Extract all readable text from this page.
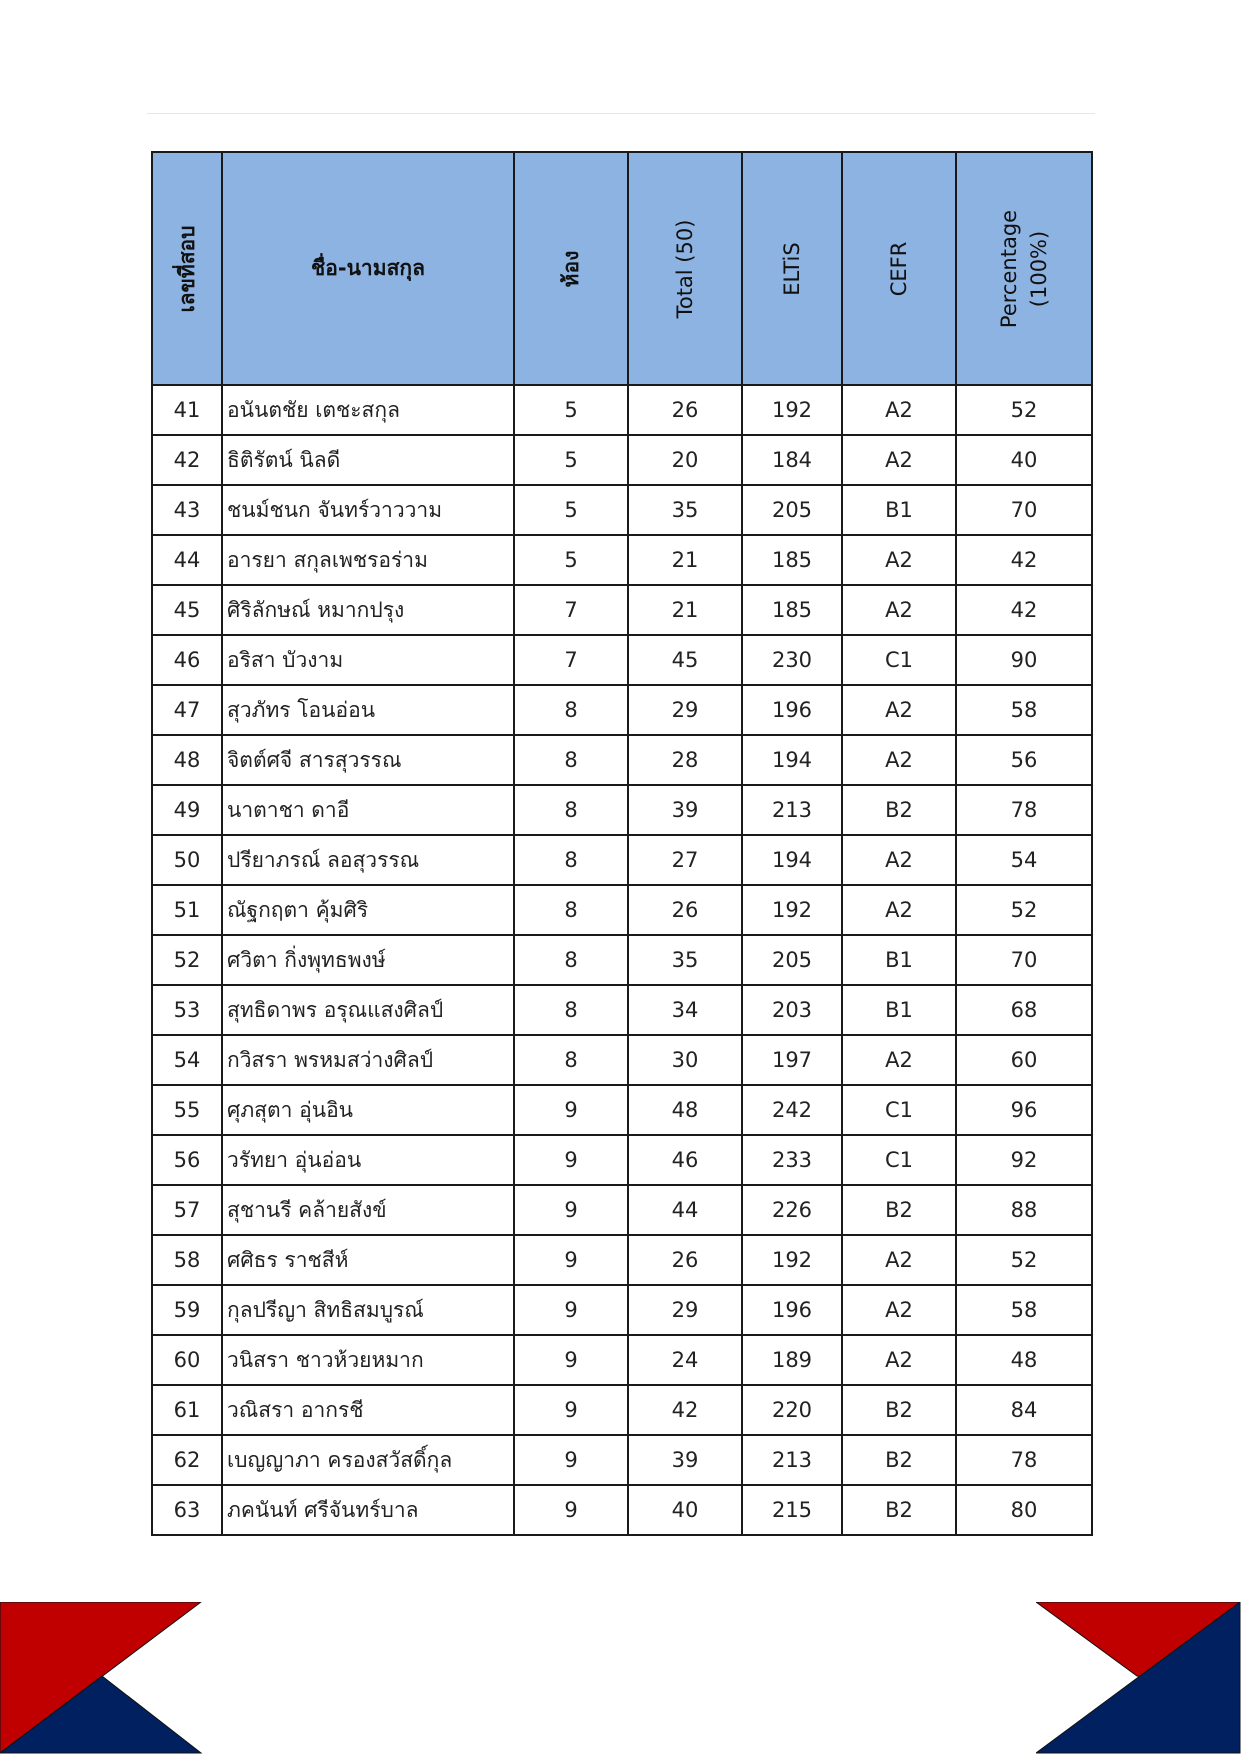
เลขที่สอบ	ชื่อ-นามสกุล	ห้อง	Total (50)	ELTiS	CEFR	Percentage (100%)

41	อนันตชัย เตชะสกุล	5	26	192	A2	52
42	ธิติรัตน์ นิลดี	5	20	184	A2	40
43	ชนม์ชนก จันทร์วาววาม	5	35	205	B1	70
44	อารยา สกุลเพชรอร่าม	5	21	185	A2	42
45	ศิริลักษณ์ หมากปรุง	7	21	185	A2	42
46	อริสา บัวงาม	7	45	230	C1	90
47	สุวภัทร โอนอ่อน	8	29	196	A2	58
48	จิตต์ศจี สารสุวรรณ	8	28	194	A2	56
49	นาตาชา ดาอี	8	39	213	B2	78
50	ปรียาภรณ์ ลอสุวรรณ	8	27	194	A2	54
51	ณัฐกฤตา คุ้มศิริ	8	26	192	A2	52
52	ศวิตา กิ่งพุทธพงษ์	8	35	205	B1	70
53	สุทธิดาพร อรุณแสงศิลป์	8	34	203	B1	68
54	กวิสรา พรหมสว่างศิลป์	8	30	197	A2	60
55	ศุภสุตา อุ่นอิน	9	48	242	C1	96
56	วรัทยา อุ่นอ่อน	9	46	233	C1	92
57	สุชานรี คล้ายสังข์	9	44	226	B2	88
58	ศศิธร ราชสีห์	9	26	192	A2	52
59	กุลปรีญา สิทธิสมบูรณ์	9	29	196	A2	58
60	วนิสรา ชาวห้วยหมาก	9	24	189	A2	48
61	วณิสรา อากรชี	9	42	220	B2	84
62	เบญญาภา ครองสวัสดิ์กุล	9	39	213	B2	78
63	ภคนันท์ ศรีจันทร์บาล	9	40	215	B2	80
